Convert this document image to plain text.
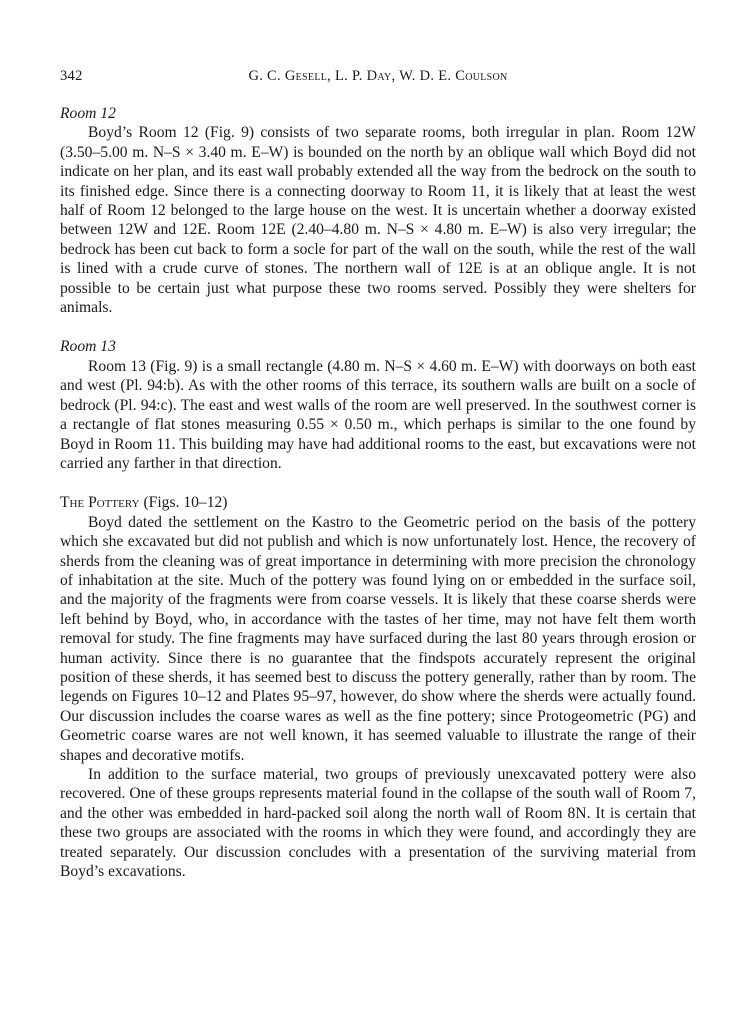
342	G. C. Gesell, L. P. Day, W. D. E. Coulson
Room 12

Boyd’s Room 12 (Fig. 9) consists of two separate rooms, both irregular in plan. Room 12W (3.50–5.00 m. N–S × 3.40 m. E–W) is bounded on the north by an oblique wall which Boyd did not indicate on her plan, and its east wall probably extended all the way from the bedrock on the south to its finished edge. Since there is a connecting doorway to Room 11, it is likely that at least the west half of Room 12 belonged to the large house on the west. It is uncertain whether a doorway existed between 12W and 12E. Room 12E (2.40–4.80 m. N–S × 4.80 m. E–W) is also very irregular; the bedrock has been cut back to form a socle for part of the wall on the south, while the rest of the wall is lined with a crude curve of stones. The northern wall of 12E is at an oblique angle. It is not possible to be certain just what purpose these two rooms served. Possibly they were shelters for animals.

Room 13

Room 13 (Fig. 9) is a small rectangle (4.80 m. N–S × 4.60 m. E–W) with doorways on both east and west (Pl. 94:b). As with the other rooms of this terrace, its southern walls are built on a socle of bedrock (Pl. 94:c). The east and west walls of the room are well preserved. In the southwest corner is a rectangle of flat stones measuring 0.55 × 0.50 m., which perhaps is similar to the one found by Boyd in Room 11. This building may have had additional rooms to the east, but excavations were not carried any farther in that direction.

The Pottery (Figs. 10–12)

Boyd dated the settlement on the Kastro to the Geometric period on the basis of the pottery which she excavated but did not publish and which is now unfortunately lost. Hence, the recovery of sherds from the cleaning was of great importance in determining with more precision the chronology of inhabitation at the site. Much of the pottery was found lying on or embedded in the surface soil, and the majority of the fragments were from coarse vessels. It is likely that these coarse sherds were left behind by Boyd, who, in accordance with the tastes of her time, may not have felt them worth removal for study. The fine fragments may have surfaced during the last 80 years through erosion or human activity. Since there is no guarantee that the findspots accurately represent the original position of these sherds, it has seemed best to discuss the pottery generally, rather than by room. The legends on Figures 10–12 and Plates 95–97, however, do show where the sherds were actually found. Our discussion includes the coarse wares as well as the fine pottery; since Protogeometric (PG) and Geometric coarse wares are not well known, it has seemed valuable to illustrate the range of their shapes and decorative motifs.

In addition to the surface material, two groups of previously unexcavated pottery were also recovered. One of these groups represents material found in the collapse of the south wall of Room 7, and the other was embedded in hard-packed soil along the north wall of Room 8N. It is certain that these two groups are associated with the rooms in which they were found, and accordingly they are treated separately. Our discussion concludes with a presentation of the surviving material from Boyd’s excavations.
